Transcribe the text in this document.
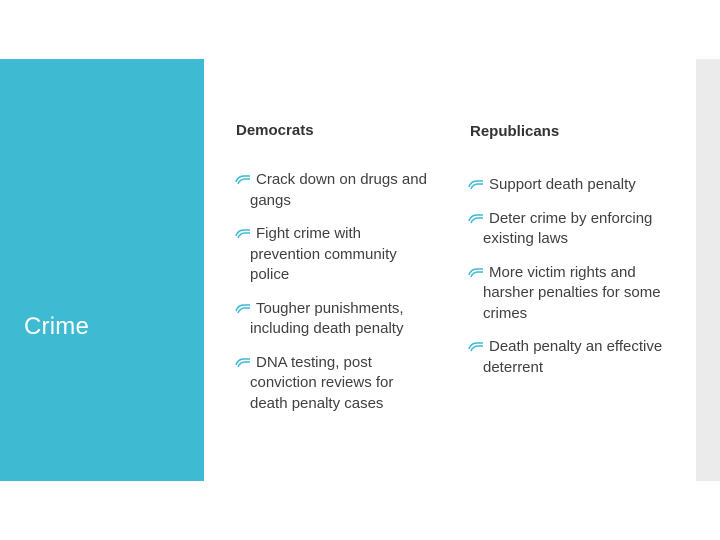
Crime
Democrats	Republicans
Crack down on drugs and gangs
Fight crime with prevention community police
Tougher punishments, including death penalty
DNA testing, post conviction reviews for death penalty cases
Support death penalty
Deter crime by enforcing existing laws
More victim rights and harsher penalties for some crimes
Death penalty an effective deterrent
